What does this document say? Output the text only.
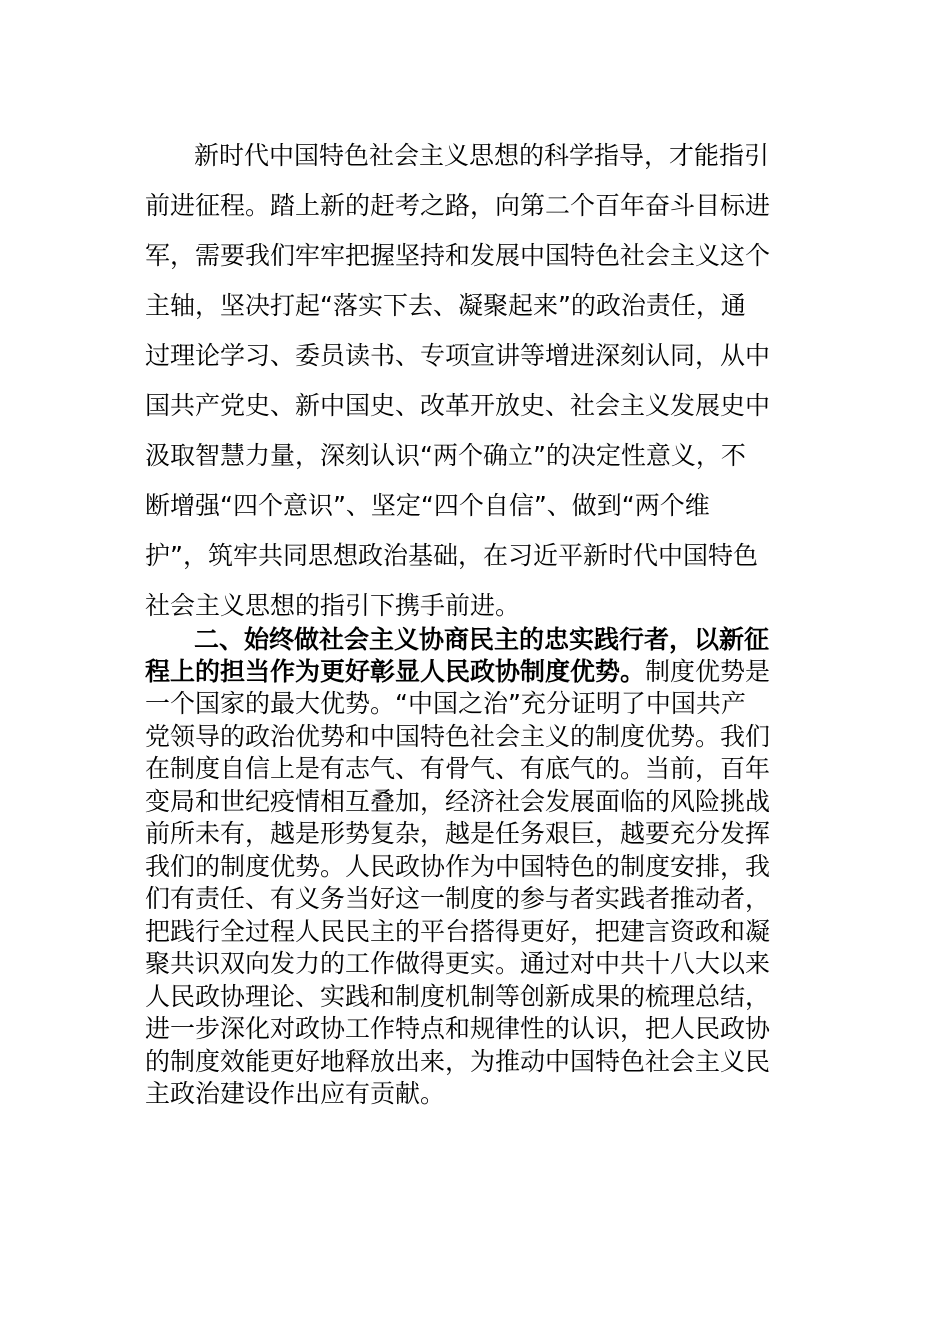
新时代中国特色社会主义思想的科学指导，才能指引
前进征程。踏上新的赶考之路，向第二个百年奋斗目标进
军，需要我们牢牢把握坚持和发展中国特色社会主义这个
主轴，坚决打起“落实下去、凝聚起来”的政治责任，通
过理论学习、委员读书、专项宣讲等增进深刻认同，从中
国共产党史、新中国史、改革开放史、社会主义发展史中
汲取智慧力量，深刻认识“两个确立”的决定性意义，不
断增强“四个意识”、坚定“四个自信”、做到“两个维
护”，筑牢共同思想政治基础，在习近平新时代中国特色
社会主义思想的指引下携手前进。
二、始终做社会主义协商民主的忠实践行者，以新征
程上的担当作为更好彰显人民政协制度优势。制度优势是
一个国家的最大优势。“中国之治”充分证明了中国共产
党领导的政治优势和中国特色社会主义的制度优势。我们
在制度自信上是有志气、有骨气、有底气的。当前，百年
变局和世纪疫情相互叠加，经济社会发展面临的风险挑战
前所未有，越是形势复杂，越是任务艰巨，越要充分发挥
我们的制度优势。人民政协作为中国特色的制度安排，我
们有责任、有义务当好这一制度的参与者实践者推动者，
把践行全过程人民民主的平台搭得更好，把建言资政和凝
聚共识双向发力的工作做得更实。通过对中共十八大以来
人民政协理论、实践和制度机制等创新成果的梳理总结，
进一步深化对政协工作特点和规律性的认识，把人民政协
的制度效能更好地释放出来，为推动中国特色社会主义民
主政治建设作出应有贡献。
